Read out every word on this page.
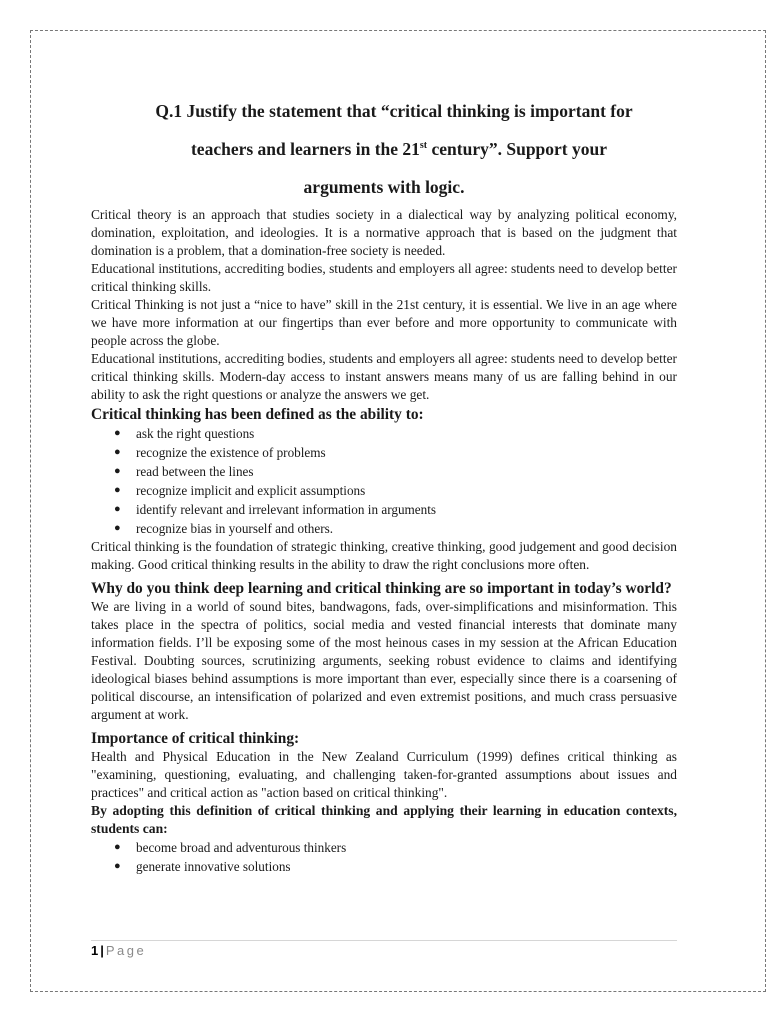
Q.1 Justify the statement that “critical thinking is important for
teachers and learners in the 21st century”. Support your
arguments with logic.

Critical theory is an approach that studies society in a dialectical way by analyzing political economy, domination, exploitation, and ideologies. It is a normative approach that is based on the judgment that domination is a problem, that a domination-free society is needed.

Educational institutions, accrediting bodies, students and employers all agree: students need to develop better critical thinking skills.

Critical Thinking is not just a “nice to have” skill in the 21st century, it is essential. We live in an age where we have more information at our fingertips than ever before and more opportunity to communicate with people across the globe.

Educational institutions, accrediting bodies, students and employers all agree: students need to develop better critical thinking skills. Modern-day access to instant answers means many of us are falling behind in our ability to ask the right questions or analyze the answers we get.

Critical thinking has been defined as the ability to:
● ask the right questions
● recognize the existence of problems
● read between the lines
● recognize implicit and explicit assumptions
● identify relevant and irrelevant information in arguments
● recognize bias in yourself and others.

Critical thinking is the foundation of strategic thinking, creative thinking, good judgement and good decision making. Good critical thinking results in the ability to draw the right conclusions more often.

Why do you think deep learning and critical thinking are so important in today’s world?

We are living in a world of sound bites, bandwagons, fads, over-simplifications and misinformation. This takes place in the spectra of politics, social media and vested financial interests that dominate many information fields. I’ll be exposing some of the most heinous cases in my session at the African Education Festival. Doubting sources, scrutinizing arguments, seeking robust evidence to claims and identifying ideological biases behind assumptions is more important than ever, especially since there is a coarsening of political discourse, an intensification of polarized and even extremist positions, and much crass persuasive argument at work.

Importance of critical thinking:

Health and Physical Education in the New Zealand Curriculum (1999) defines critical thinking as "examining, questioning, evaluating, and challenging taken-for-granted assumptions about issues and practices" and critical action as "action based on critical thinking".

By adopting this definition of critical thinking and applying their learning in education contexts, students can:

● become broad and adventurous thinkers
● generate innovative solutions
1 | Page
